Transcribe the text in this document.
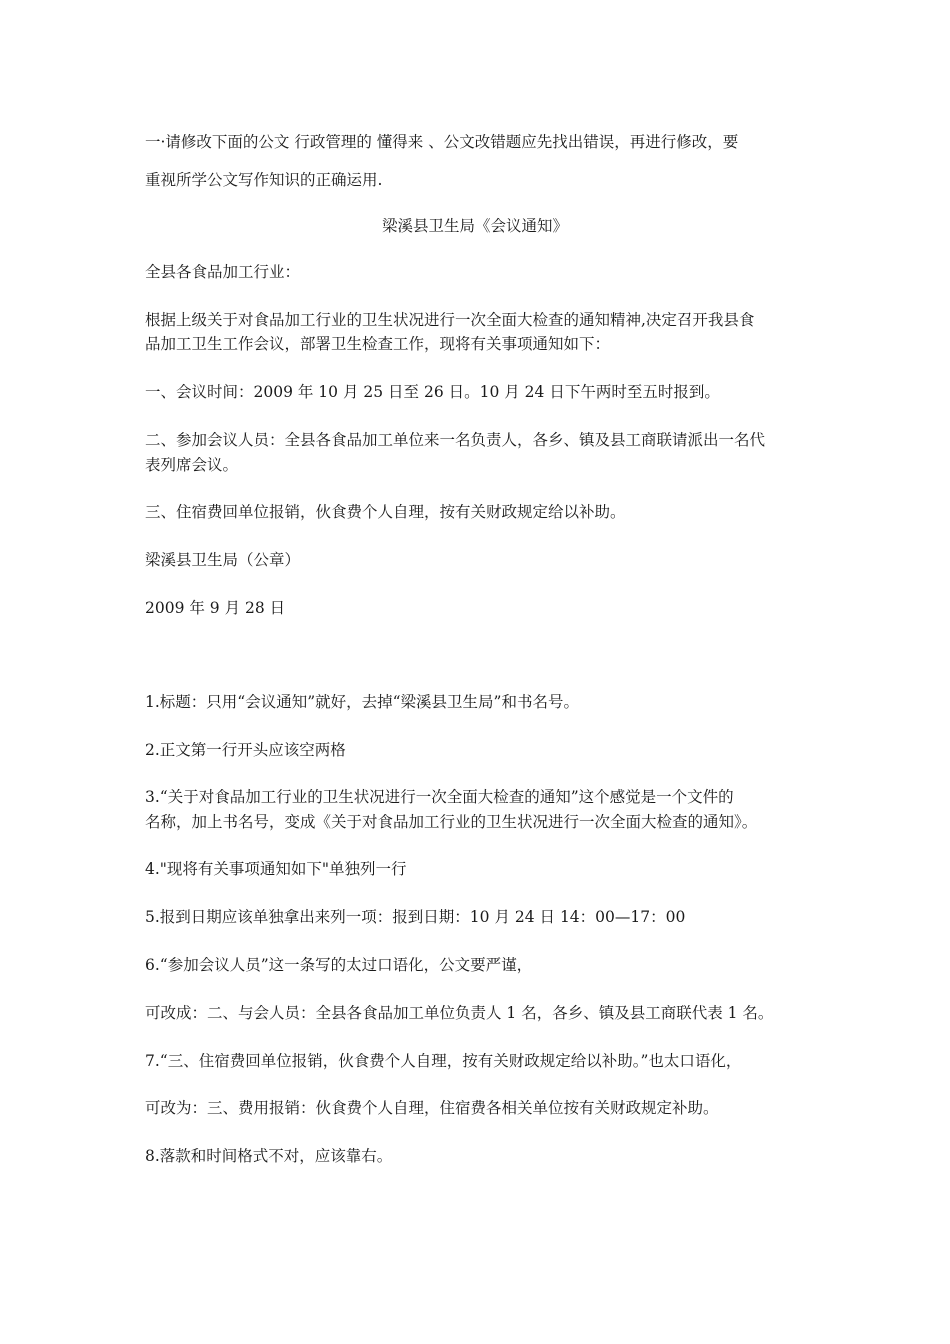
一·请修改下面的公文 行政管理的 懂得来 、公文改错题应先找出错误，再进行修改，要
重视所学公文写作知识的正确运用.
梁溪县卫生局《会议通知》
全县各食品加工行业：
根据上级关于对食品加工行业的卫生状况进行一次全面大检查的通知精神,决定召开我县食
品加工卫生工作会议，部署卫生检查工作，现将有关事项通知如下：
一、会议时间：2009 年 10 月 25 日至 26 日。10 月 24 日下午两时至五时报到。
二、参加会议人员：全县各食品加工单位来一名负责人，各乡、镇及县工商联请派出一名代
表列席会议。
三、住宿费回单位报销，伙食费个人自理，按有关财政规定给以补助。
梁溪县卫生局（公章）
2009 年 9 月 28 日
1.标题：只用“会议通知”就好，去掉“梁溪县卫生局”和书名号。
2.正文第一行开头应该空两格
3.“关于对食品加工行业的卫生状况进行一次全面大检查的通知”这个感觉是一个文件的
名称，加上书名号，变成《关于对食品加工行业的卫生状况进行一次全面大检查的通知》。
4."现将有关事项通知如下"单独列一行
5.报到日期应该单独拿出来列一项：报到日期：10 月 24 日 14：00—17：00
6.“参加会议人员”这一条写的太过口语化，公文要严谨，
可改成：二、与会人员：全县各食品加工单位负责人 1 名，各乡、镇及县工商联代表 1 名。
7.“三、住宿费回单位报销，伙食费个人自理，按有关财政规定给以补助。”也太口语化，
可改为：三、费用报销：伙食费个人自理，住宿费各相关单位按有关财政规定补助。
8.落款和时间格式不对，应该靠右。
